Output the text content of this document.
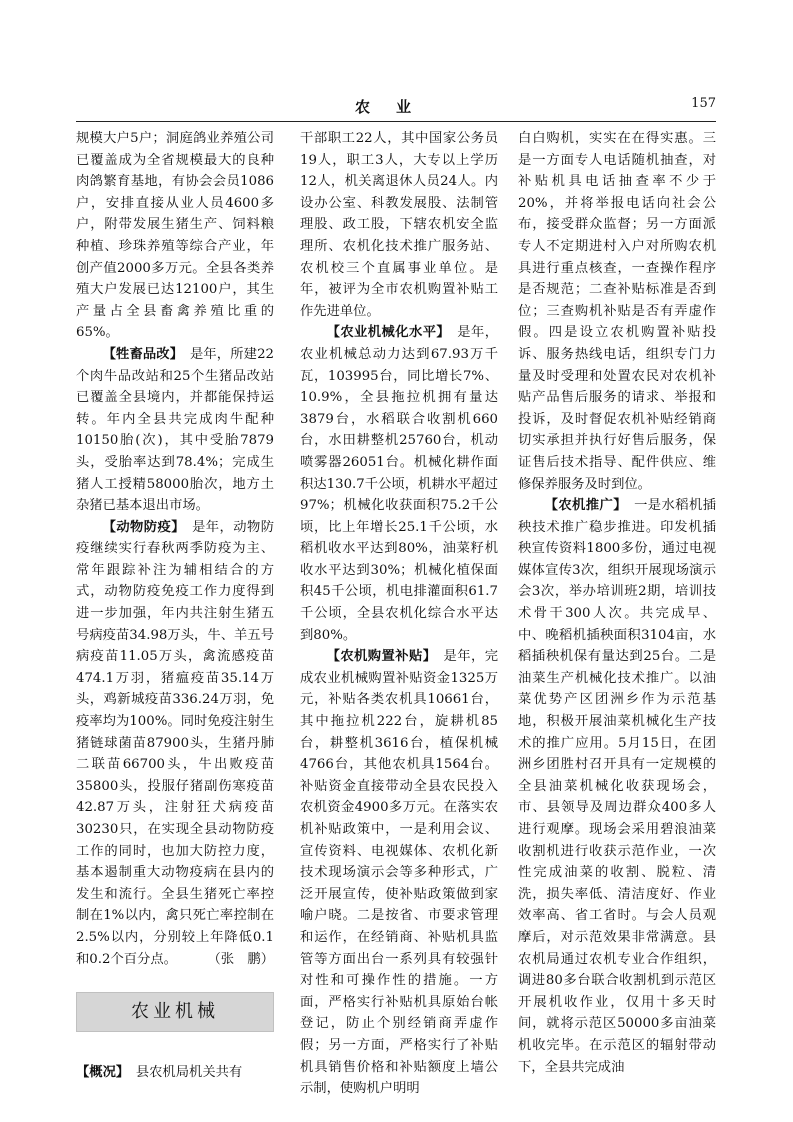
农业	157

规模大户5户；洞庭鸽业养殖公司已覆盖成为全省规模最大的良种肉鸽繁育基地，有协会会员1086户，安排直接从业人员4600多户，附带发展生猪生产、饲料粮种植、珍珠养殖等综合产业，年创产值2000多万元。全县各类养殖大户发展已达12100户，其生产量占全县畜禽养殖比重的65%。

【牲畜品改】　 是年，所建22个肉牛品改站和25个生猪品改站已覆盖全县境内，并都能保持运转。年内全县共完成肉牛配种10150胎(次)，其中受胎7879头，受胎率达到78.4%；完成生猪人工授精58000胎次，地方土杂猪已基本退出市场。

【动物防疫】　 是年，动物防疫继续实行春秋两季防疫为主、常年跟踪补注为辅相结合的方式，动物防疫免疫工作力度得到进一步加强，年内共注射生猪五号病疫苗34.98万头，牛、羊五号病疫苗11.05万头，禽流感疫苗474.1万羽，猪瘟疫苗35.14万头，鸡新城疫苗336.24万羽，免疫率均为100%。同时免疫注射生猪链球菌苗87900头，生猪丹肺二联苗66700头，牛出败疫苗35800头，投服仔猪副伤寒疫苗42.87万头，注射狂犬病疫苗30230只，在实现全县动物防疫工作的同时，也加大防控力度，基本遏制重大动物疫病在县内的发生和流行。全县生猪死亡率控制在1%以内，禽只死亡率控制在2.5%以内，分别较上年降低0.1和0.2个百分点。	（张　鹏）

农业机械

【概况】　 县农机局机关共有

干部职工22人，其中国家公务员19人，职工3人，大专以上学历12人，机关离退休人员24人。内设办公室、科教发展股、法制管理股、政工股，下辖农机安全监理所、农机化技术推广服务站、农机校三个直属事业单位。是年，被评为全市农机购置补贴工作先进单位。

【农业机械化水平】　 是年，农业机械总动力达到67.93万千瓦，103995台，同比增长7%、10.9%，全县拖拉机拥有量达3879台，水稻联合收割机660台，水田耕整机25760台，机动喷雾器26051台。机械化耕作面积达130.7千公顷，机耕水平超过97%；机械化收获面积75.2千公顷，比上年增长25.1千公顷，水稻机收水平达到80%，油菜籽机收水平达到30%；机械化植保面积45千公顷，机电排灌面积61.7千公顷，全县农机化综合水平达到80%。

【农机购置补贴】　 是年，完成农业机械购置补贴资金1325万元，补贴各类农机具10661台，其中拖拉机222台，旋耕机85台，耕整机3616台，植保机械4766台，其他农机具1564台。补贴资金直接带动全县农民投入农机资金4900多万元。在落实农机补贴政策中，一是利用会议、宣传资料、电视媒体、农机化新技术现场演示会等多种形式，广泛开展宣传，使补贴政策做到家喻户晓。二是按省、市要求管理和运作，在经销商、补贴机具监管等方面出台一系列具有较强针对性和可操作性的措施。一方面，严格实行补贴机具原始台帐登记，防止个别经销商弄虚作假；另一方面，严格实行了补贴机具销售价格和补贴额度上墙公示制，使购机户明明

白白购机，实实在在得实惠。三是一方面专人电话随机抽查，对补贴机具电话抽查率不少于20%，并将举报电话向社会公布，接受群众监督；另一方面派专人不定期进村入户对所购农机具进行重点核查，一查操作程序是否规范；二查补贴标准是否到位；三查购机补贴是否有弄虚作假。四是设立农机购置补贴投诉、服务热线电话，组织专门力量及时受理和处置农民对农机补贴产品售后服务的请求、举报和投诉，及时督促农机补贴经销商切实承担并执行好售后服务，保证售后技术指导、配件供应、维修保养服务及时到位。

【农机推广】　 一是水稻机插秧技术推广稳步推进。印发机插秧宣传资料1800多份，通过电视媒体宣传3次，组织开展现场演示会3次，举办培训班2期，培训技术骨干300人次。共完成早、中、晚稻机插秧面积3104亩，水稻插秧机保有量达到25台。二是油菜生产机械化技术推广。以油菜优势产区团洲乡作为示范基地，积极开展油菜机械化生产技术的推广应用。5月15日，在团洲乡团胜村召开具有一定规模的全县油菜机械化收获现场会，市、县领导及周边群众400多人进行观摩。现场会采用碧浪油菜收割机进行收获示范作业，一次性完成油菜的收割、脱粒、清洗，损失率低、清洁度好、作业效率高、省工省时。与会人员观摩后，对示范效果非常满意。县农机局通过农机专业合作组织，调进80多台联合收割机到示范区开展机收作业，仅用十多天时间，就将示范区50000多亩油菜机收完毕。在示范区的辐射带动下，全县共完成油
